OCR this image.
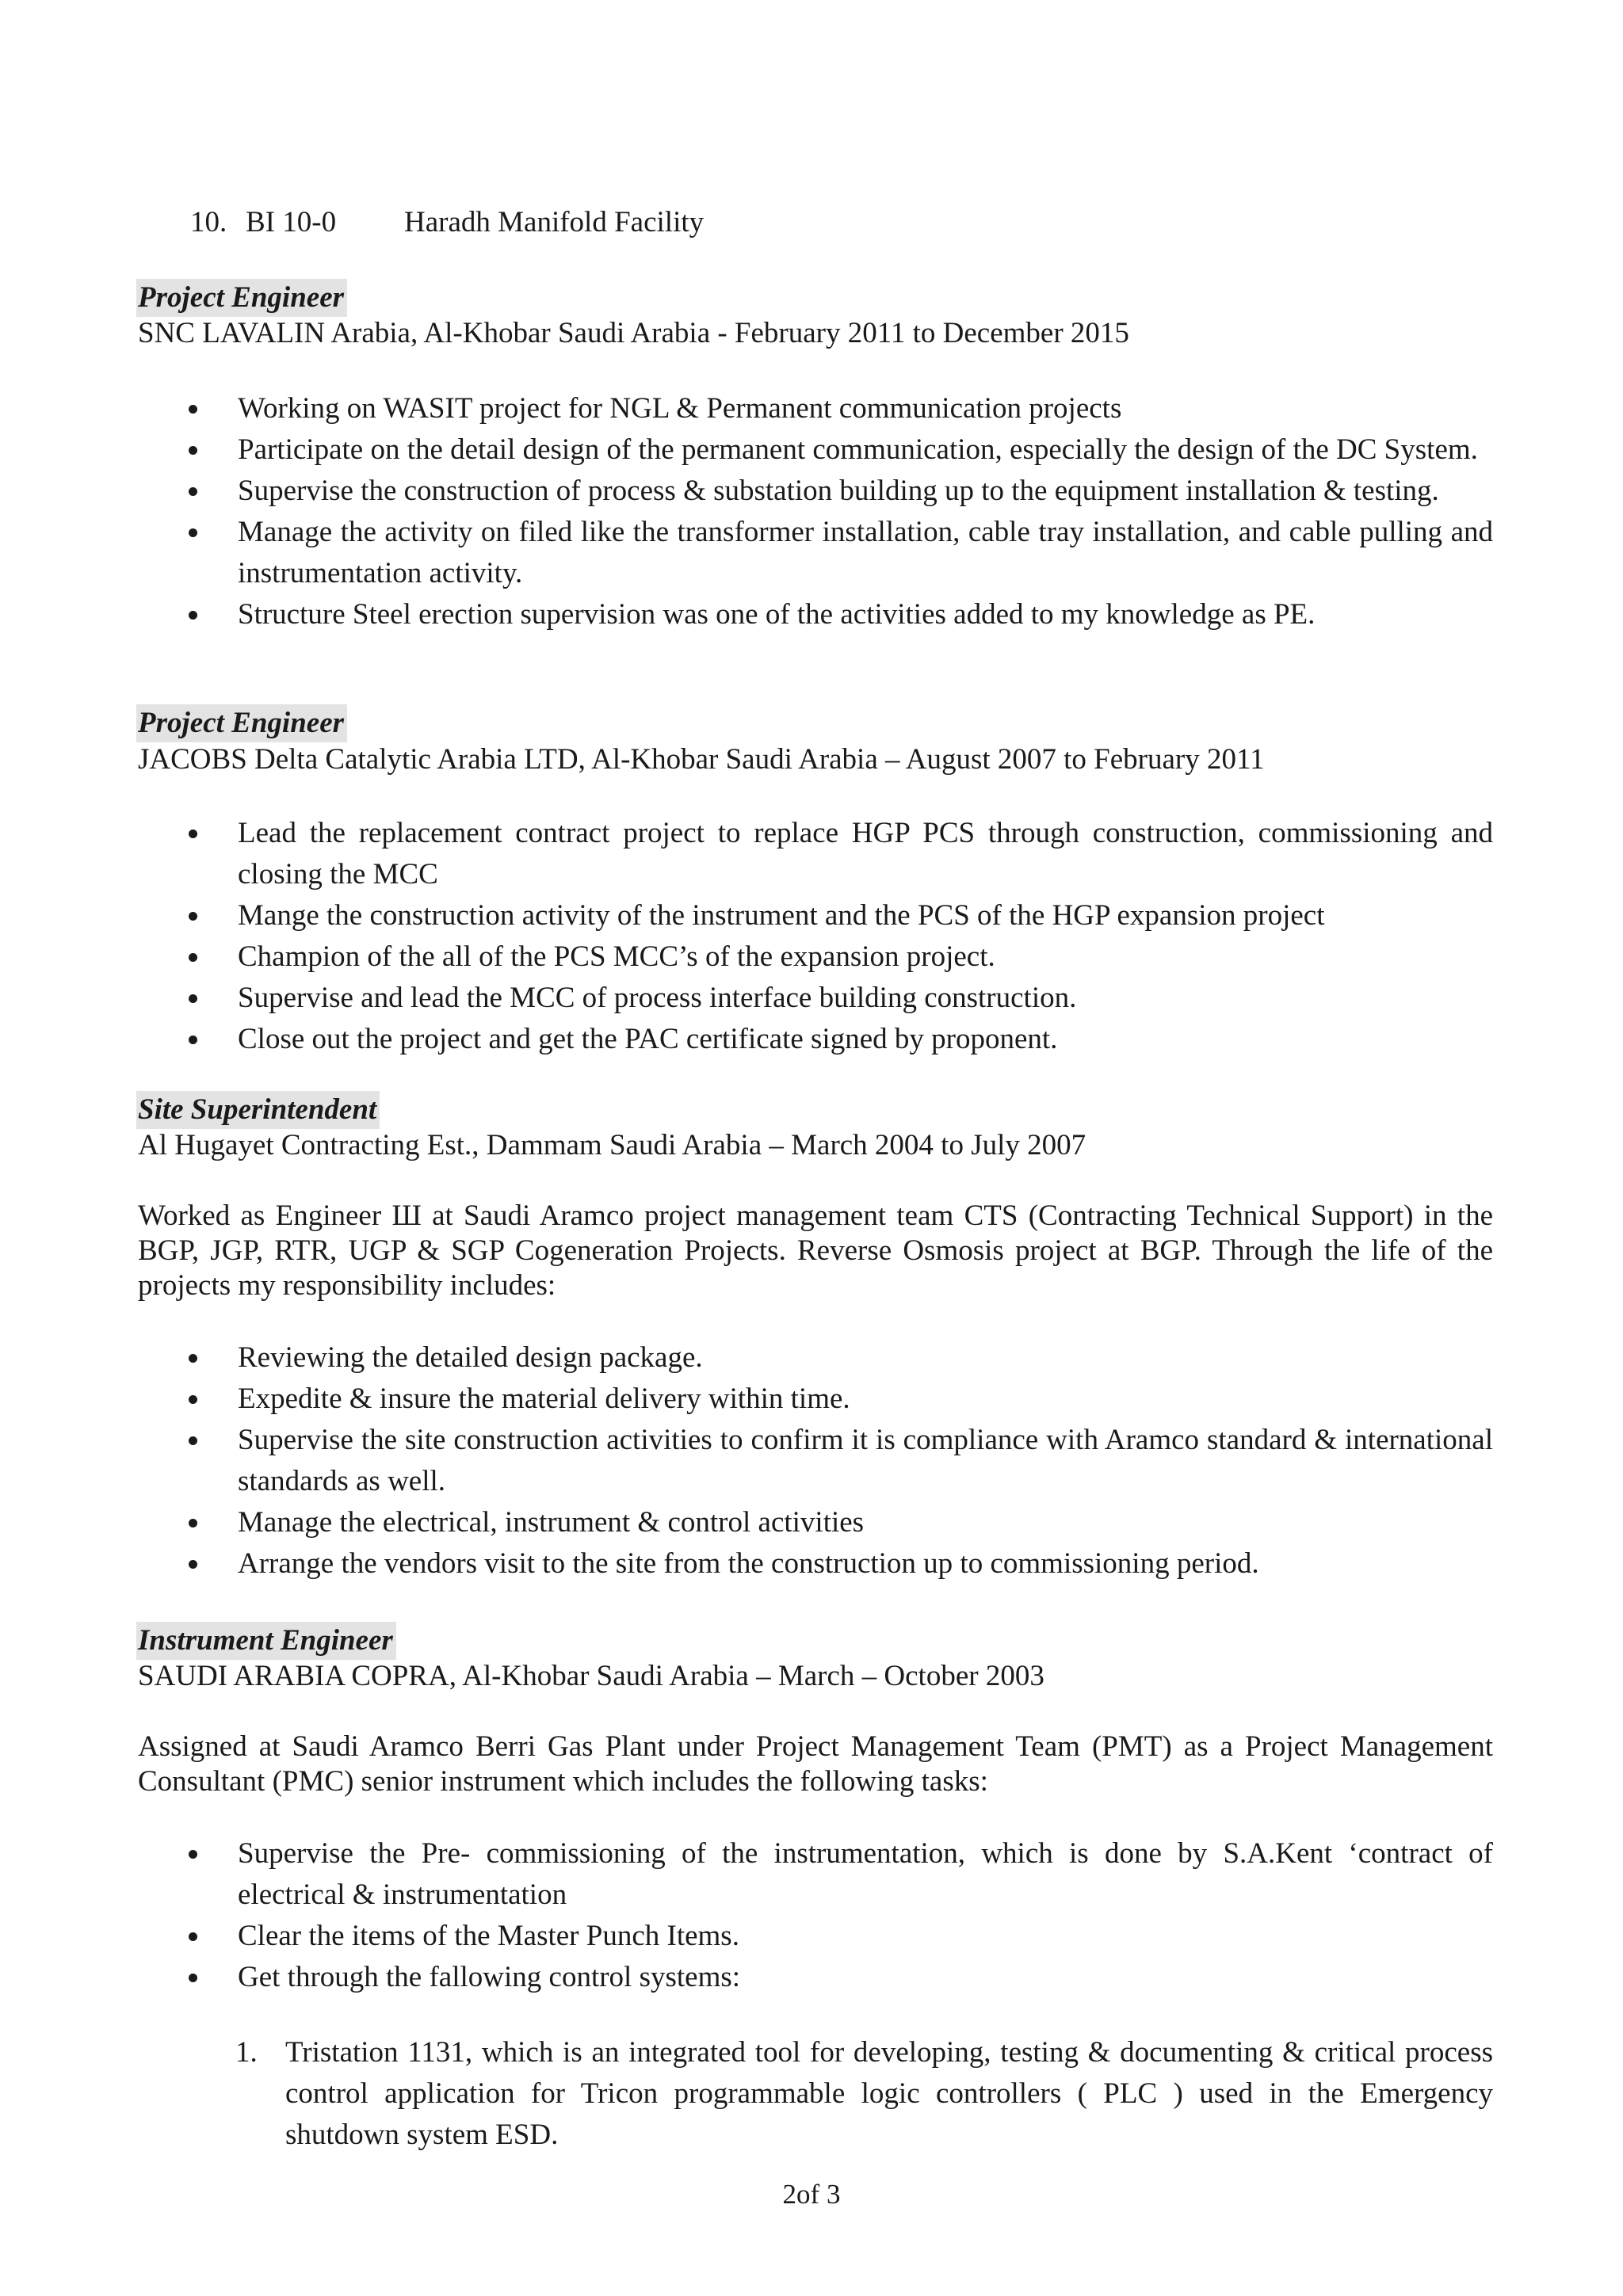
10. BI 10-0 Haradh Manifold Facility
Project Engineer
SNC LAVALIN Arabia, Al-Khobar Saudi Arabia - February 2011 to December 2015
Working on WASIT project for NGL & Permanent communication projects
Participate on the detail design of the permanent communication, especially the design of the DC System.
Supervise the construction of process & substation building up to the equipment installation & testing.
Manage the activity on filed like the transformer installation, cable tray installation, and cable pulling and instrumentation activity.
Structure Steel erection supervision was one of the activities added to my knowledge as PE.
Project Engineer
JACOBS Delta Catalytic Arabia LTD, Al-Khobar Saudi Arabia – August 2007 to February 2011
Lead the replacement contract project to replace HGP PCS through construction, commissioning and closing the MCC
Mange the construction activity of the instrument and the PCS of the HGP expansion project
Champion of the all of the PCS MCC’s of the expansion project.
Supervise and lead the MCC of process interface building construction.
Close out the project and get the PAC certificate signed by proponent.
Site Superintendent
Al Hugayet Contracting Est., Dammam Saudi Arabia – March 2004 to July 2007
Worked as Engineer Ш at Saudi Aramco project management team CTS (Contracting Technical Support) in the BGP, JGP, RTR, UGP & SGP Cogeneration Projects. Reverse Osmosis project at BGP. Through the life of the projects my responsibility includes:
Reviewing the detailed design package.
Expedite & insure the material delivery within time.
Supervise the site construction activities to confirm it is compliance with Aramco standard & international standards as well.
Manage the electrical, instrument & control activities
Arrange the vendors visit to the site from the construction up to commissioning period.
Instrument Engineer
SAUDI ARABIA COPRA, Al-Khobar Saudi Arabia – March – October 2003
Assigned at Saudi Aramco Berri Gas Plant under Project Management Team (PMT) as a Project Management Consultant (PMC) senior instrument which includes the following tasks:
Supervise the Pre- commissioning of the instrumentation, which is done by S.A.Kent ‘contract of electrical & instrumentation
Clear the items of the Master Punch Items.
Get through the fallowing control systems:
1. Tristation 1131, which is an integrated tool for developing, testing & documenting & critical process control application for Tricon programmable logic controllers ( PLC ) used in the Emergency shutdown system ESD.
2of 3
